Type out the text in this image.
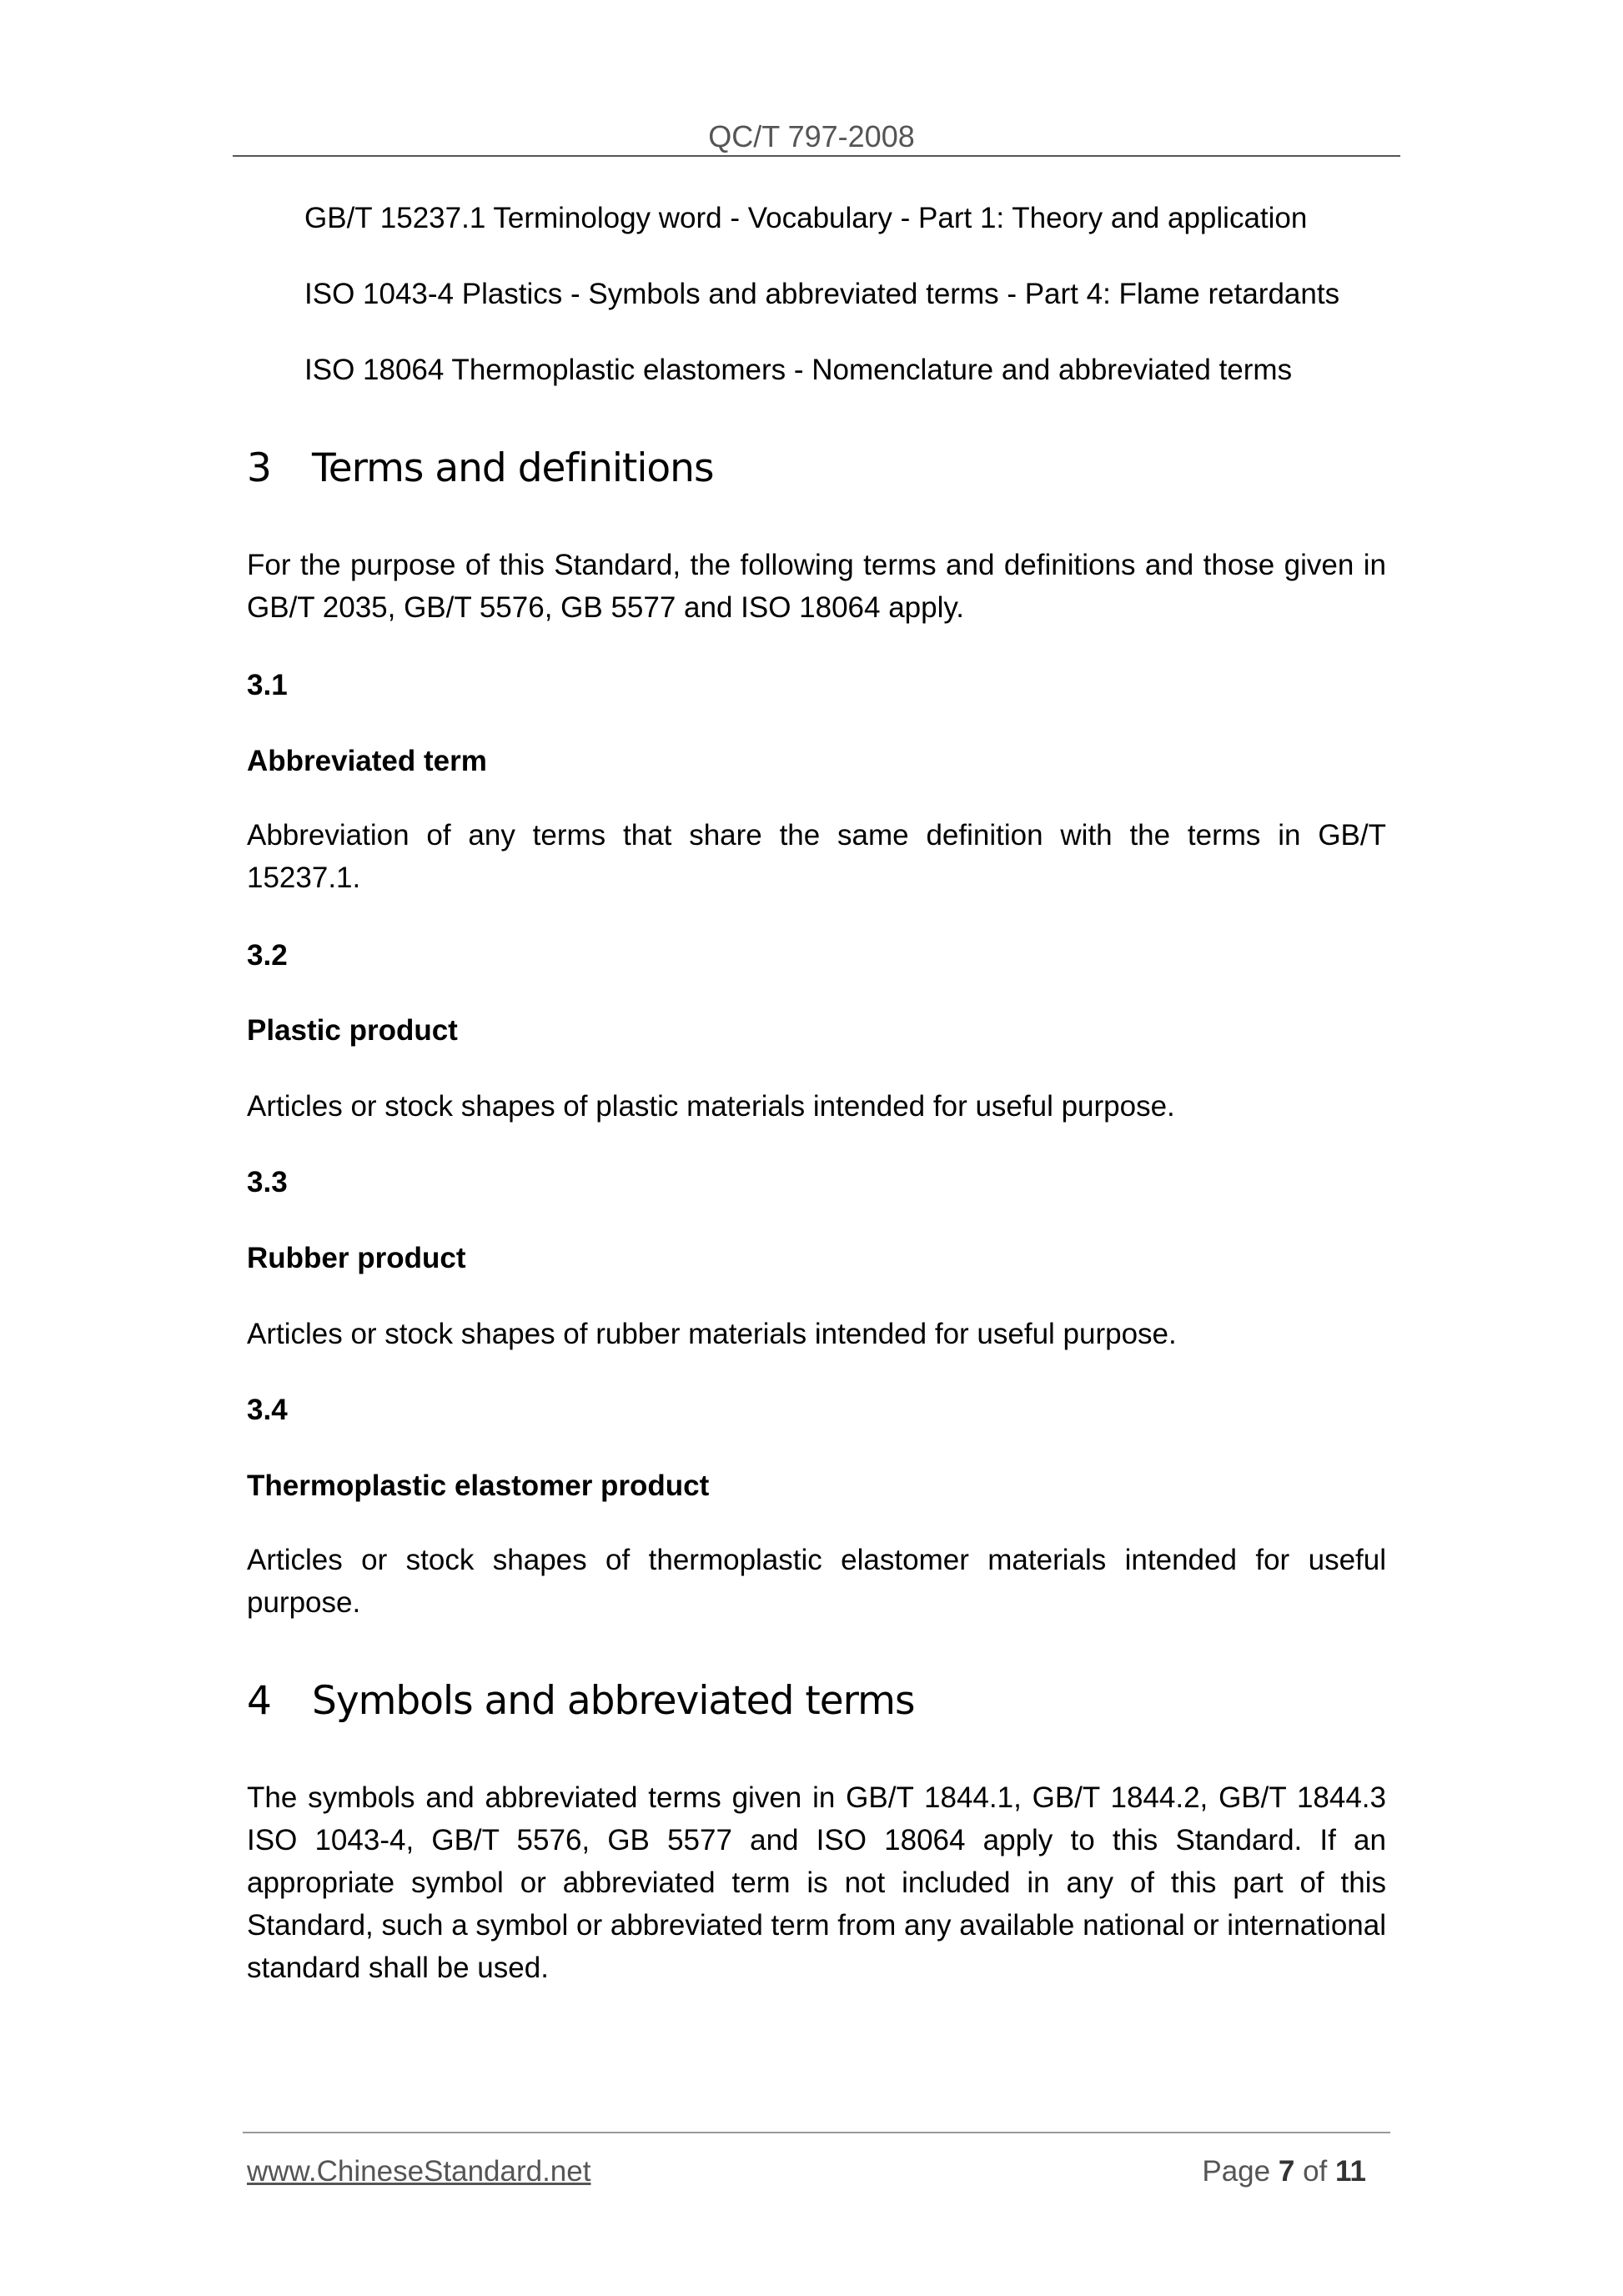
QC/T 797-2008
GB/T 15237.1 Terminology word - Vocabulary - Part 1: Theory and application
ISO 1043-4 Plastics - Symbols and abbreviated terms - Part 4: Flame retardants
ISO 18064 Thermoplastic elastomers - Nomenclature and abbreviated terms
3 Terms and definitions
For the purpose of this Standard, the following terms and definitions and those given in GB/T 2035, GB/T 5576, GB 5577 and ISO 18064 apply.
3.1
Abbreviated term
Abbreviation of any terms that share the same definition with the terms in GB/T 15237.1.
3.2
Plastic product
Articles or stock shapes of plastic materials intended for useful purpose.
3.3
Rubber product
Articles or stock shapes of rubber materials intended for useful purpose.
3.4
Thermoplastic elastomer product
Articles or stock shapes of thermoplastic elastomer materials intended for useful purpose.
4 Symbols and abbreviated terms
The symbols and abbreviated terms given in GB/T 1844.1, GB/T 1844.2, GB/T 1844.3 ISO 1043-4, GB/T 5576, GB 5577 and ISO 18064 apply to this Standard. If an appropriate symbol or abbreviated term is not included in any of this part of this Standard, such a symbol or abbreviated term from any available national or international standard shall be used.
www.ChineseStandard.net	Page 7 of 11
